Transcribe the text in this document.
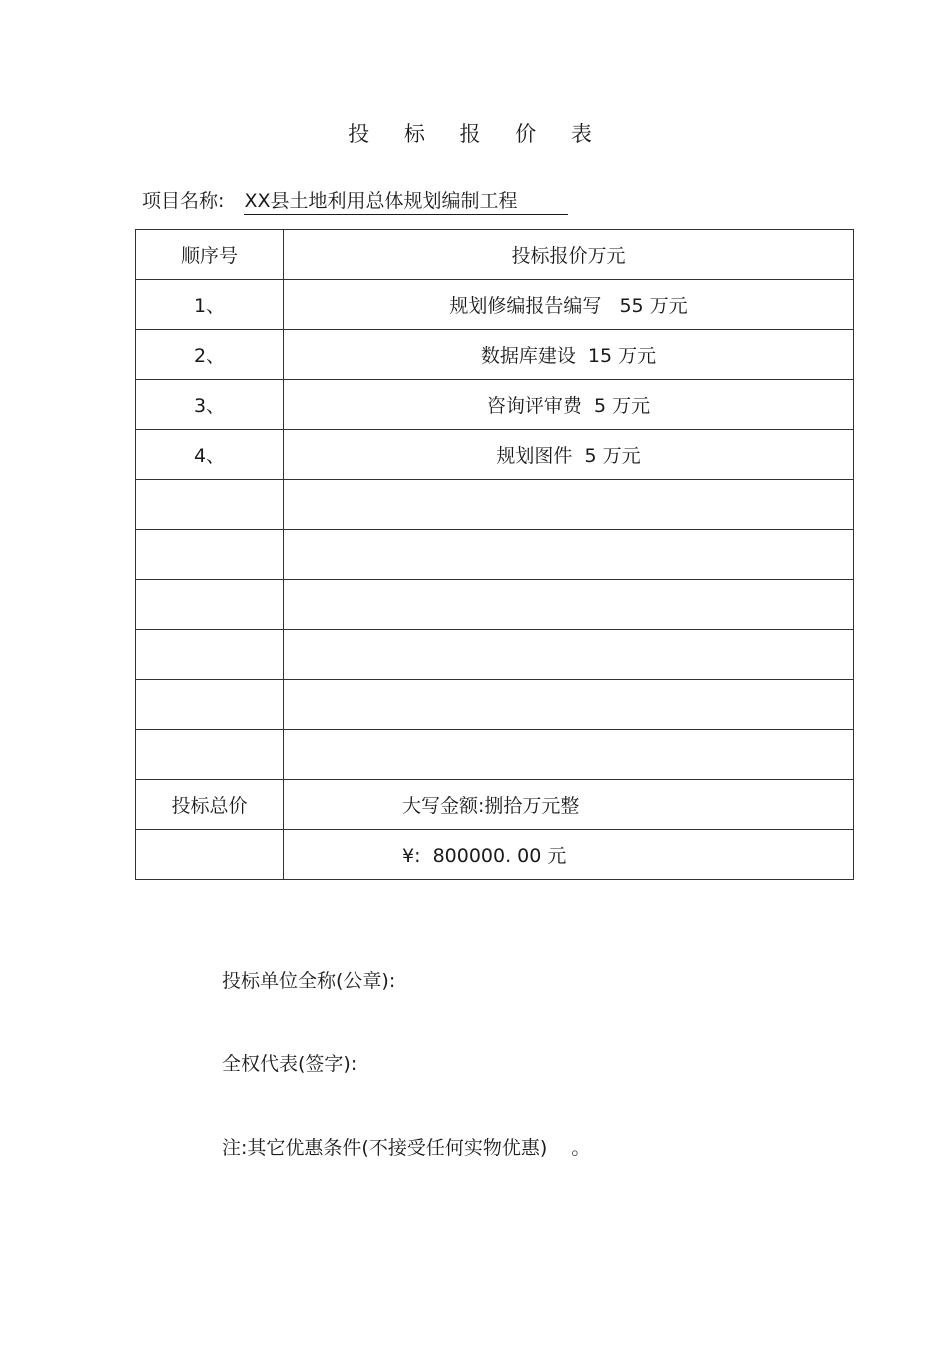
投 标 报 价 表
项目名称: XX县土地利用总体规划编制工程
顺序号	投标报价万元
1、	规划修编报告编写   55 万元
2、	数据库建设  15 万元
3、	咨询评审费  5 万元
4、	规划图件  5 万元

投标总价	大写金额:捌拾万元整
	¥:  800000. 00 元
投标单位全称(公章):
全权代表(签字):
注:其它优惠条件(不接受任何实物优惠)    。
